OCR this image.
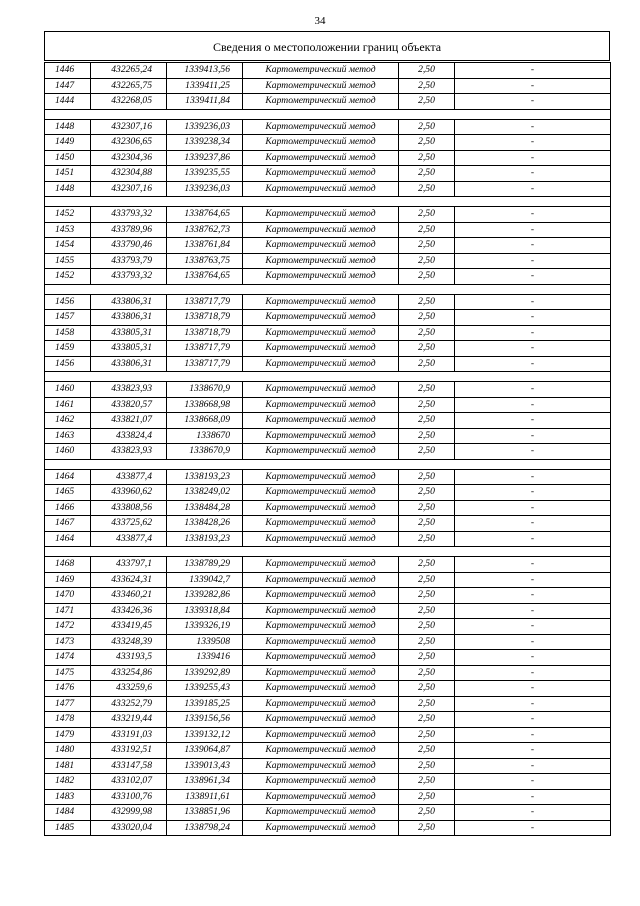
34
Сведения о местоположении границ объекта
1446	432265,24	1339413,56	Картометрический метод	2,50	-
1447	432265,75	1339411,25	Картометрический метод	2,50	-
1444	432268,05	1339411,84	Картометрический метод	2,50	-

1448	432307,16	1339236,03	Картометрический метод	2,50	-
1449	432306,65	1339238,34	Картометрический метод	2,50	-
1450	432304,36	1339237,86	Картометрический метод	2,50	-
1451	432304,88	1339235,55	Картометрический метод	2,50	-
1448	432307,16	1339236,03	Картометрический метод	2,50	-

1452	433793,32	1338764,65	Картометрический метод	2,50	-
1453	433789,96	1338762,73	Картометрический метод	2,50	-
1454	433790,46	1338761,84	Картометрический метод	2,50	-
1455	433793,79	1338763,75	Картометрический метод	2,50	-
1452	433793,32	1338764,65	Картометрический метод	2,50	-

1456	433806,31	1338717,79	Картометрический метод	2,50	-
1457	433806,31	1338718,79	Картометрический метод	2,50	-
1458	433805,31	1338718,79	Картометрический метод	2,50	-
1459	433805,31	1338717,79	Картометрический метод	2,50	-
1456	433806,31	1338717,79	Картометрический метод	2,50	-

1460	433823,93	1338670,9	Картометрический метод	2,50	-
1461	433820,57	1338668,98	Картометрический метод	2,50	-
1462	433821,07	1338668,09	Картометрический метод	2,50	-
1463	433824,4	1338670	Картометрический метод	2,50	-
1460	433823,93	1338670,9	Картометрический метод	2,50	-

1464	433877,4	1338193,23	Картометрический метод	2,50	-
1465	433960,62	1338249,02	Картометрический метод	2,50	-
1466	433808,56	1338484,28	Картометрический метод	2,50	-
1467	433725,62	1338428,26	Картометрический метод	2,50	-
1464	433877,4	1338193,23	Картометрический метод	2,50	-

1468	433797,1	1338789,29	Картометрический метод	2,50	-
1469	433624,31	1339042,7	Картометрический метод	2,50	-
1470	433460,21	1339282,86	Картометрический метод	2,50	-
1471	433426,36	1339318,84	Картометрический метод	2,50	-
1472	433419,45	1339326,19	Картометрический метод	2,50	-
1473	433248,39	1339508	Картометрический метод	2,50	-
1474	433193,5	1339416	Картометрический метод	2,50	-
1475	433254,86	1339292,89	Картометрический метод	2,50	-
1476	433259,6	1339255,43	Картометрический метод	2,50	-
1477	433252,79	1339185,25	Картометрический метод	2,50	-
1478	433219,44	1339156,56	Картометрический метод	2,50	-
1479	433191,03	1339132,12	Картометрический метод	2,50	-
1480	433192,51	1339064,87	Картометрический метод	2,50	-
1481	433147,58	1339013,43	Картометрический метод	2,50	-
1482	433102,07	1338961,34	Картометрический метод	2,50	-
1483	433100,76	1338911,61	Картометрический метод	2,50	-
1484	432999,98	1338851,96	Картометрический метод	2,50	-
1485	433020,04	1338798,24	Картометрический метод	2,50	-
